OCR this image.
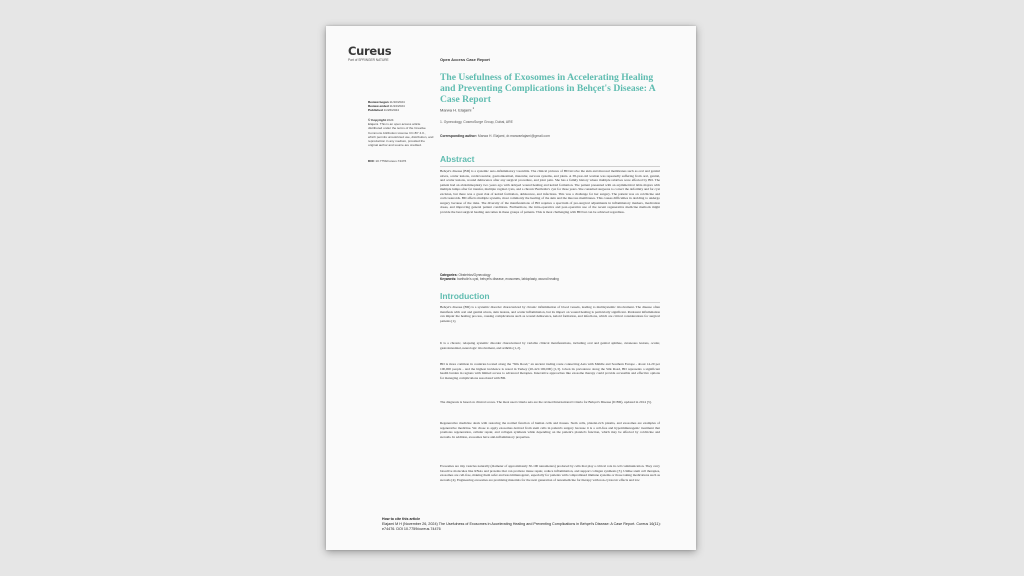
Cureus
Part of SPRINGER NATURE	Open Access Case Report
The Usefulness of Exosomes in Accelerating Healing and Preventing Complications in Behçet's Disease: A Case Report
Marwa H. Elajami $^1$
1. Gynecology, CosmoSurge Group, Dubai, ARE
Corresponding author: Marwa H. Elajami, dr.marwaelajami@gmail.com
Review began 11/10/2024
Review ended 11/24/2024
Published 11/26/2024
© Copyright 2024
Elajami. This is an open access article distributed under the terms of the Creative Commons Attribution License CC-BY 4.0., which permits unrestricted use, distribution, and reproduction in any medium, provided the original author and source are credited.
DOI: 10.7759/cureus.74476	Abstract
Behçet's disease (BD) is a systemic auto-inflammatory vasculitis. The clinical pictures of BD involve the skin and mucosal membranes such as oral and genital ulcers, ocular lesions, cardiovascular, gastrointestinal, muscular, nervous systems, and joints. A 38-year-old woman was repeatedly suffering from oral, genital, and ocular lesions, wound dehiscence after any surgical procedure, and joint pain. She has a family history where multiple relatives were affected by BD. The patient had an abdominoplasty two years ago with delayed wound healing and keloid formation. The patient presented with an asymmetrical labia majora with multiple lumps after fat transfer, multiple vaginal cysts, and a chronic Bartholin's cyst for three years. She consulted surgeons to correct the deformity and for cyst excision, but there was a great risk of keloid formation, dehiscence, and infections. This was a challenge for her surgery. The patient was on colchicine and corticosteroids. BD affects multiple systems, most commonly the healing of the skin and the mucous membranes. This causes difficulties in deciding to undergo surgery because of the risks. The diversity of the manifestations of BD requires a spectrum of pre-surgical adjustments in inflammatory markers, medication doses, and improving general patient conditions. Furthermore, the intra-operative and post-operative use of the recent regenerative medicine methods might provide the best surgical healing outcomes in these groups of patients. This is most challenging with BD but can be achieved regardless.
Categories: Obstetrics/Gynecology
Keywords: bartholin's cyst, behçet's disease, exosomes, labioplasty, wound healing
Introduction
Behçet's disease (BD) is a systemic disorder characterized by chronic inflammation of blood vessels, leading to multisystemic involvement. The disease often manifests with oral and genital ulcers, skin lesions, and ocular inflammation, but its impact on wound healing is particularly significant. Persistent inflammation can impair the healing process, causing complications such as wound dehiscence, keloid formation, and infections, which are critical considerations for surgical patients [1].
It is a chronic, relapsing systemic disorder characterized by variable clinical manifestations, including oral and genital aphthae, cutaneous lesions, ocular, gastrointestinal, neurologic involvement, and arthritis [1,2].
BD is more common in countries located along the "Silk Road," an ancient trading route connecting Asia with Middle and Southern Europe - about 14-20 per 100,000 people - and the highest incidence is noted in Turkey (20-421/100,000) [1,3]. Given its prevalence along the Silk Road, BD represents a significant health burden in regions with limited access to advanced therapies. Innovative approaches like exosome therapy could provide accessible and effective options for managing complications associated with BD.
The diagnosis is based on clinical scores. The most used criteria sets are the revised International Criteria for Behçet's Disease (ICBD), updated in 2014 [3].
Regenerative medicine deals with restoring the normal function of human cells and tissues. Stem cells, platelet-rich plasma, and exosomes are examples of regenerative medicine. We chose to apply exosomes derived from stem cells in patient's surgery because it is a cell-free and hypoimmunogenic treatment that promotes regeneration, cellular repair, and collagen synthesis while depending on the patient's platelet's function, which may be affected by colchicine and steroids. In addition, exosomes have anti-inflammatory properties.
Exosomes are tiny vesicles naturally (diameter of approximately 30-100 nanometers) produced by cells that play a critical role in cell communication. They carry bioactive molecules like RNAs and proteins that can promote tissue repair, reduce inflammation, and support collagen synthesis [3]. Unlike stem cell therapies, exosomes are cell-free, making them safer and less immunogenic, especially for patients with compromised immune systems or those taking medications such as steroids [4]. Engineering exosomes are promising materials for the next generation of nanomedicine for therapy with non-cytotoxic effects and low
How to cite this article
Elajami M H (November 26, 2024) The Usefulness of Exosomes in Accelerating Healing and Preventing Complications in Behçet's Disease: A Case Report. Cureus 16(11): e74476. DOI 10.7759/cureus.74476
